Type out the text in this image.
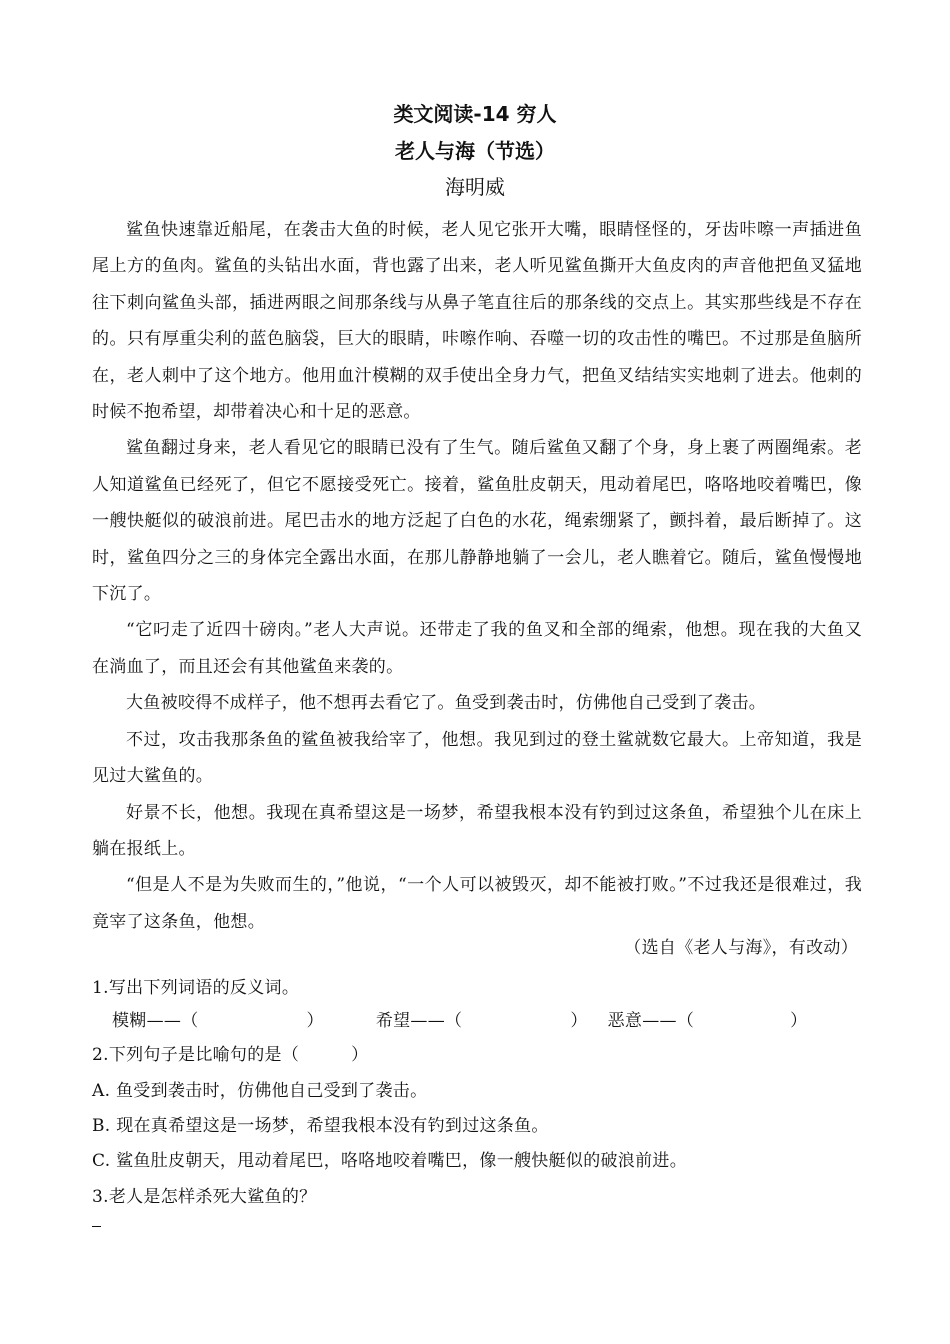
类文阅读-14 穷人
老人与海（节选）
海明威

鲨鱼快速靠近船尾，在袭击大鱼的时候，老人见它张开大嘴，眼睛怪怪的，牙齿咔嚓一声插进鱼尾上方的鱼肉。鲨鱼的头钻出水面，背也露了出来，老人听见鲨鱼撕开大鱼皮肉的声音他把鱼叉猛地往下刺向鲨鱼头部，插进两眼之间那条线与从鼻子笔直往后的那条线的交点上。其实那些线是不存在的。只有厚重尖利的蓝色脑袋，巨大的眼睛，咔嚓作响、吞噬一切的攻击性的嘴巴。不过那是鱼脑所在，老人刺中了这个地方。他用血汁模糊的双手使出全身力气，把鱼叉结结实实地刺了进去。他刺的时候不抱希望，却带着决心和十足的恶意。

鲨鱼翻过身来，老人看见它的眼睛已没有了生气。随后鲨鱼又翻了个身，身上裹了两圈绳索。老人知道鲨鱼已经死了，但它不愿接受死亡。接着，鲨鱼肚皮朝天，甩动着尾巴，咯咯地咬着嘴巴，像一艘快艇似的破浪前进。尾巴击水的地方泛起了白色的水花，绳索绷紧了，颤抖着，最后断掉了。这时，鲨鱼四分之三的身体完全露出水面，在那儿静静地躺了一会儿，老人瞧着它。随后，鲨鱼慢慢地下沉了。

“它叼走了近四十磅肉。”老人大声说。还带走了我的鱼叉和全部的绳索，他想。现在我的大鱼又在淌血了，而且还会有其他鲨鱼来袭的。

大鱼被咬得不成样子，他不想再去看它了。鱼受到袭击时，仿佛他自己受到了袭击。

不过，攻击我那条鱼的鲨鱼被我给宰了，他想。我见到过的登土鲨就数它最大。上帝知道，我是见过大鲨鱼的。

好景不长，他想。我现在真希望这是一场梦，希望我根本没有钓到过这条鱼，希望独个儿在床上躺在报纸上。

“但是人不是为失败而生的，”他说，“一个人可以被毁灭，却不能被打败。”不过我还是很难过，我竟宰了这条鱼，他想。

（选自《老人与海》，有改动）
1.写出下列词语的反义词。
模糊——（	）	希望——（	） 恶意——（	）
2.下列句子是比喻句的是（	）
A. 鱼受到袭击时，仿佛他自己受到了袭击。
B. 现在真希望这是一场梦，希望我根本没有钓到过这条鱼。
C. 鲨鱼肚皮朝天，甩动着尾巴，咯咯地咬着嘴巴，像一艘快艇似的破浪前进。
3.老人是怎样杀死大鲨鱼的？
